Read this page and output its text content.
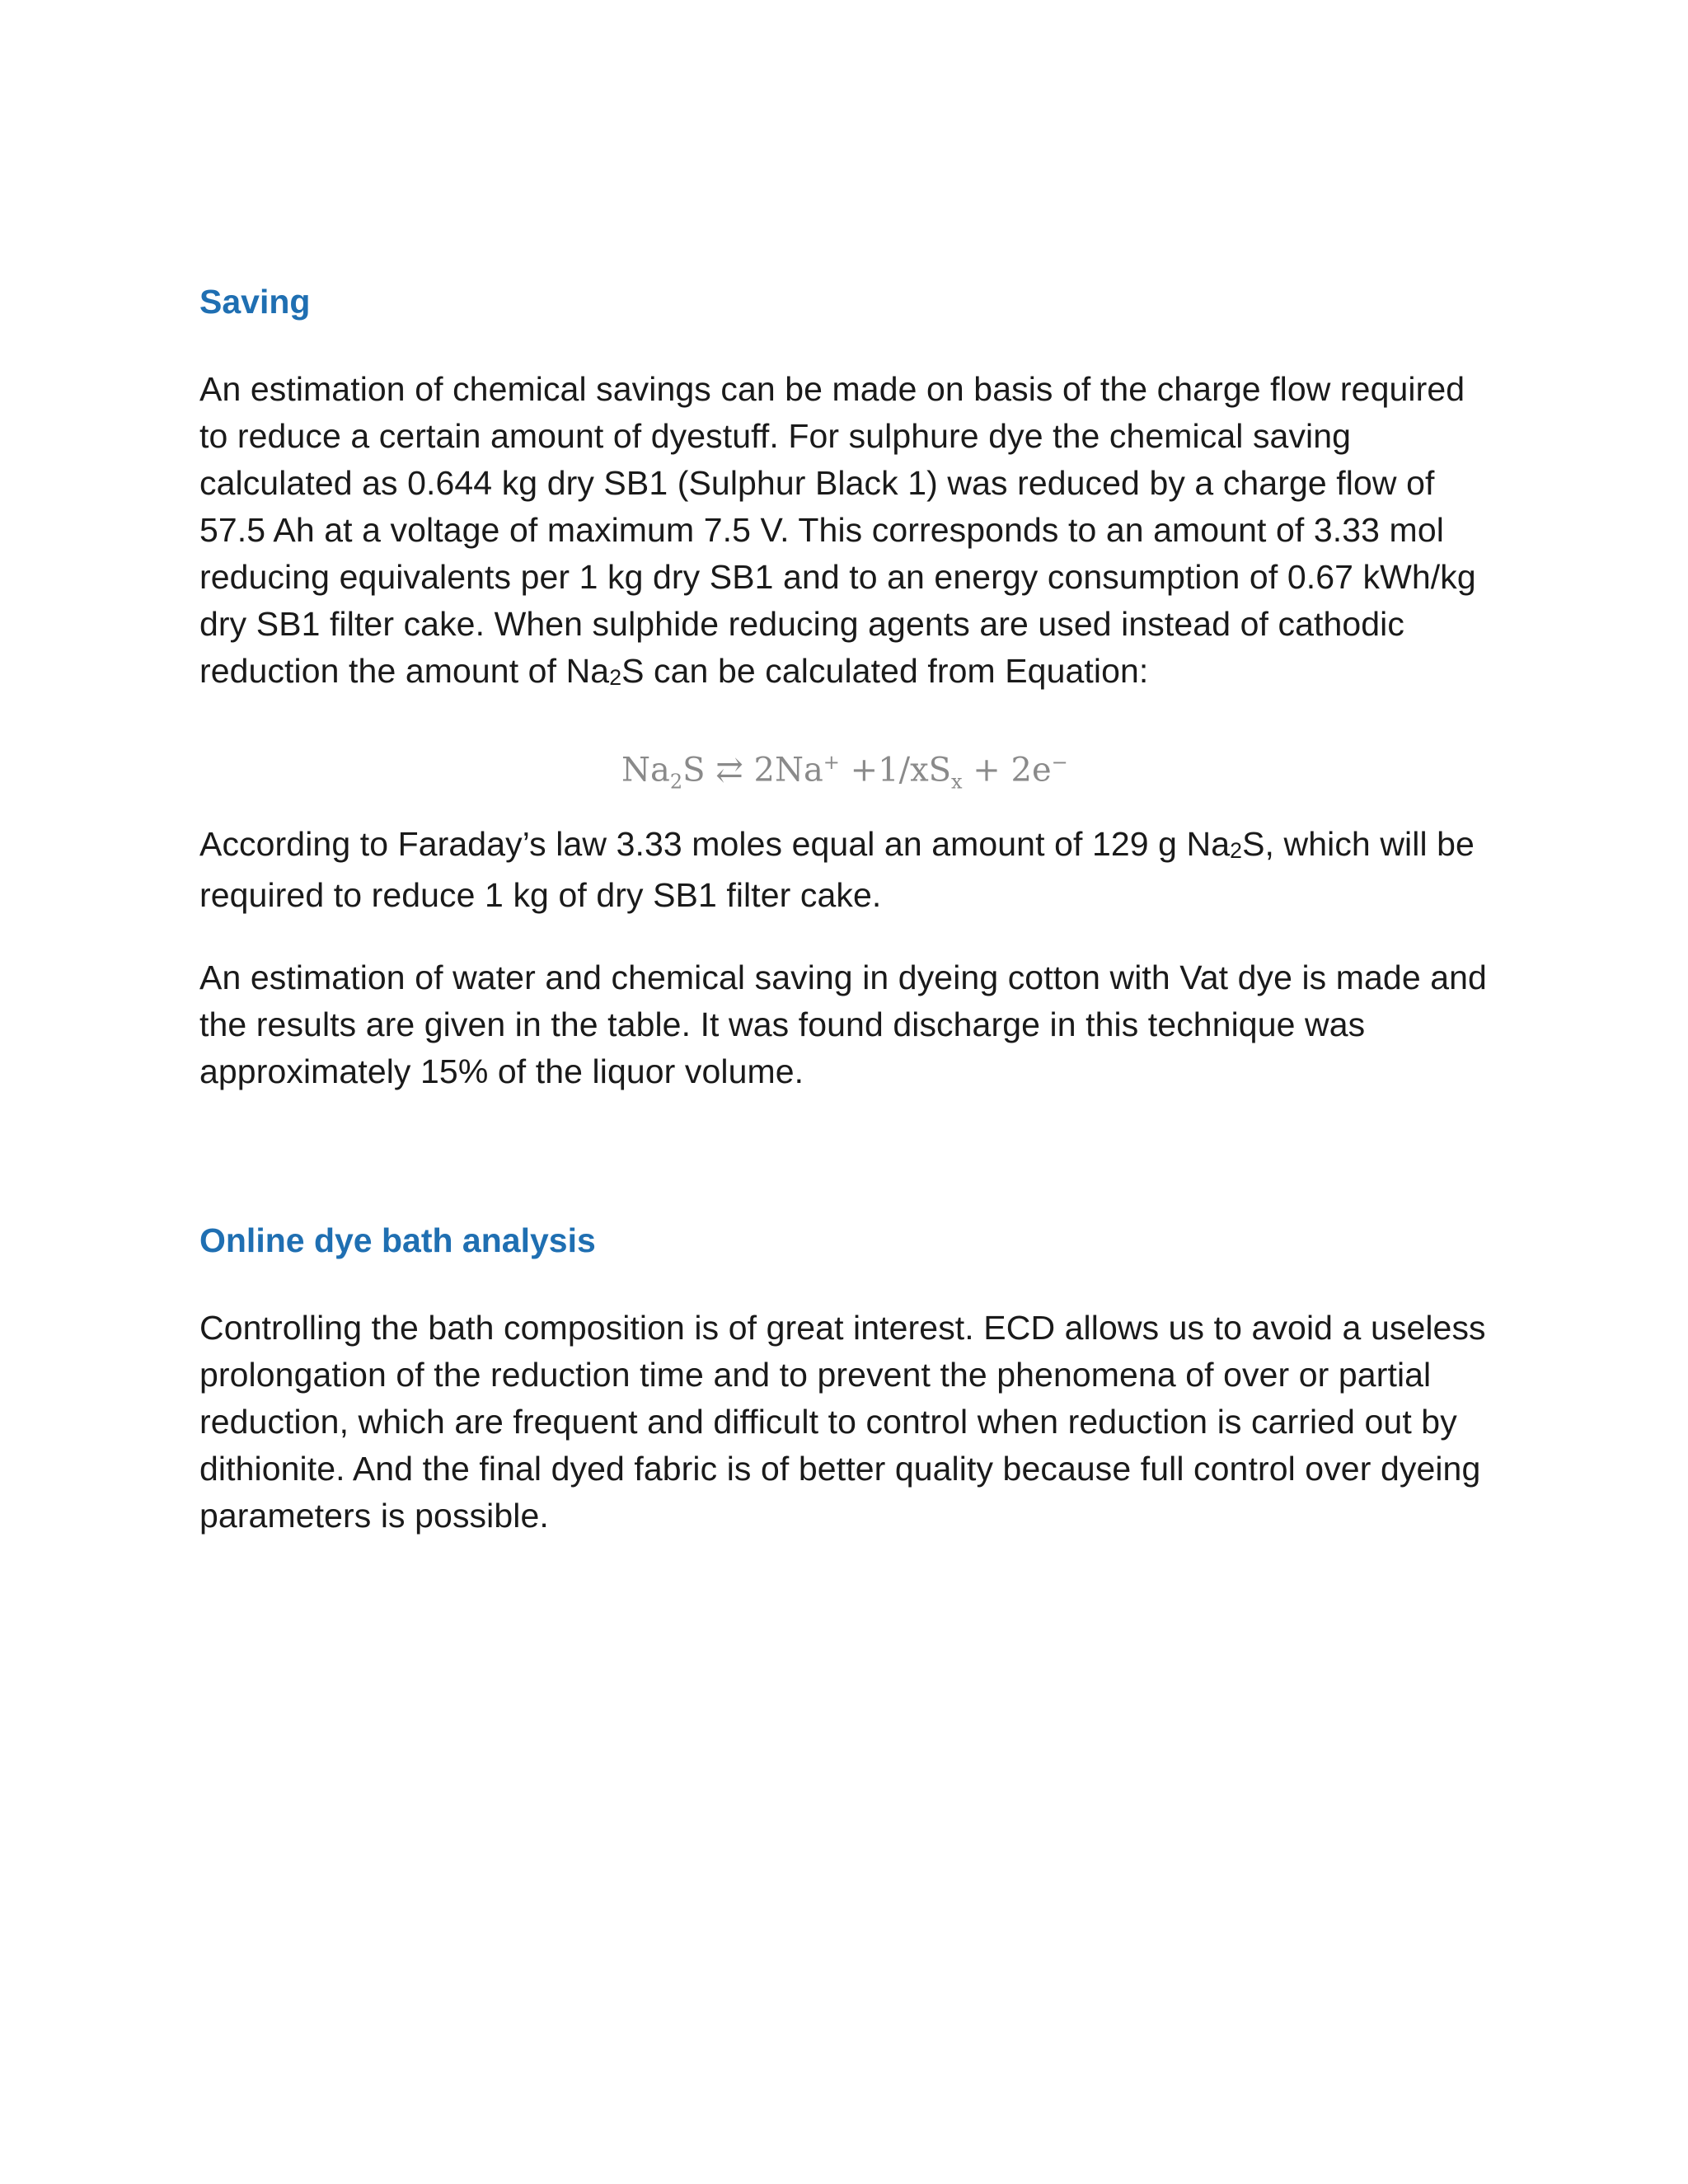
Saving

An estimation of chemical savings can be made on basis of the charge flow required to reduce a certain amount of dyestuff. For sulphure dye the chemical saving calculated as 0.644 kg dry SB1 (Sulphur Black 1) was reduced by a charge flow of 57.5 Ah at a voltage of maximum 7.5 V. This corresponds to an amount of 3.33 mol reducing equivalents per 1 kg dry SB1 and to an energy consumption of 0.67 kWh/kg dry SB1 filter cake. When sulphide reducing agents are used instead of cathodic reduction the amount of Na2S can be calculated from Equation:

$Na_2S$ ⇄ $2Na^+ +1/xS_x + 2e^-$

According to Faraday’s law 3.33 moles equal an amount of 129 g Na2S, which will be required to reduce 1 kg of dry SB1 filter cake.

An estimation of water and chemical saving in dyeing cotton with Vat dye is made and the results are given in the table. It was found discharge in this technique was approximately 15% of the liquor volume.

Online dye bath analysis

Controlling the bath composition is of great interest. ECD allows us to avoid a useless prolongation of the reduction time and to prevent the phenomena of over or partial reduction, which are frequent and difficult to control when reduction is carried out by dithionite. And the final dyed fabric is of better quality because full control over dyeing parameters is possible.
